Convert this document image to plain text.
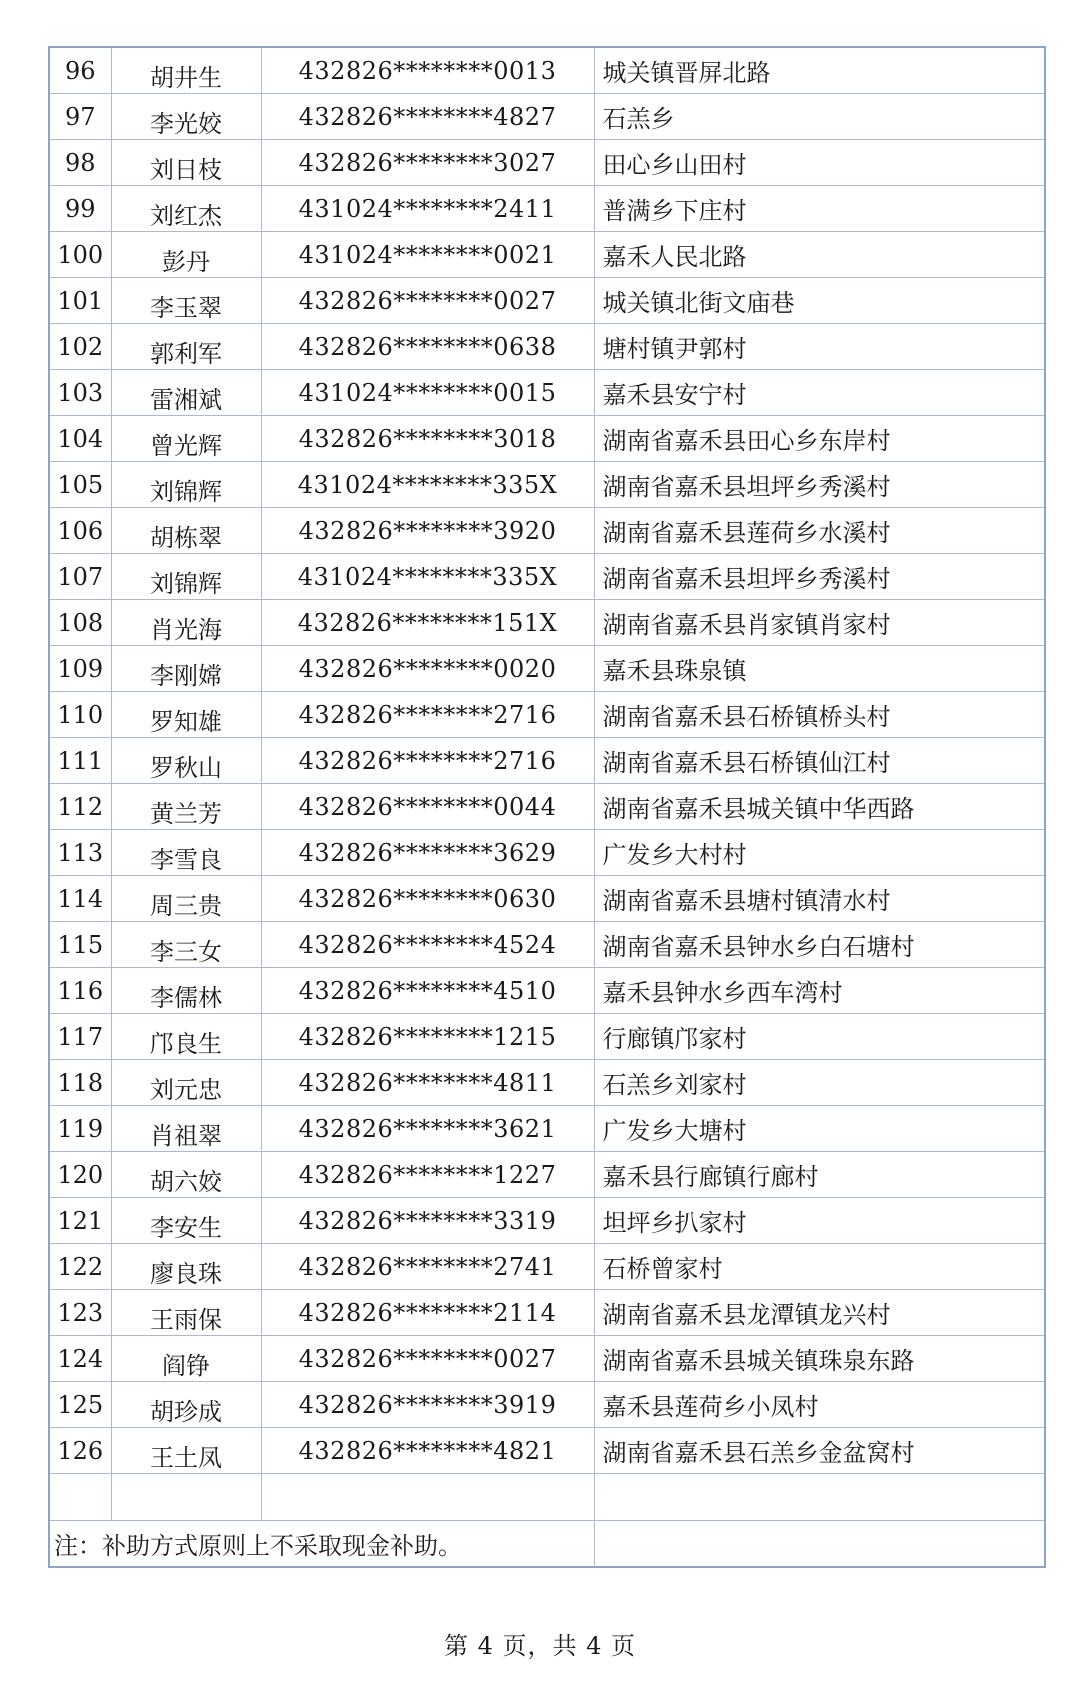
96	胡井生	432826********0013	城关镇晋屏北路
97	李光姣	432826********4827	石羔乡
98	刘日枝	432826********3027	田心乡山田村
99	刘红杰	431024********2411	普满乡下庄村
100	彭丹	431024********0021	嘉禾人民北路
101	李玉翠	432826********0027	城关镇北街文庙巷
102	郭利军	432826********0638	塘村镇尹郭村
103	雷湘斌	431024********0015	嘉禾县安宁村
104	曾光辉	432826********3018	湖南省嘉禾县田心乡东岸村
105	刘锦辉	431024********335X	湖南省嘉禾县坦坪乡秀溪村
106	胡栋翠	432826********3920	湖南省嘉禾县莲荷乡水溪村
107	刘锦辉	431024********335X	湖南省嘉禾县坦坪乡秀溪村
108	肖光海	432826********151X	湖南省嘉禾县肖家镇肖家村
109	李刚嫦	432826********0020	嘉禾县珠泉镇
110	罗知雄	432826********2716	湖南省嘉禾县石桥镇桥头村
111	罗秋山	432826********2716	湖南省嘉禾县石桥镇仙江村
112	黄兰芳	432826********0044	湖南省嘉禾县城关镇中华西路
113	李雪良	432826********3629	广发乡大村村
114	周三贵	432826********0630	湖南省嘉禾县塘村镇清水村
115	李三女	432826********4524	湖南省嘉禾县钟水乡白石塘村
116	李儒林	432826********4510	嘉禾县钟水乡西车湾村
117	邝良生	432826********1215	行廊镇邝家村
118	刘元忠	432826********4811	石羔乡刘家村
119	肖祖翠	432826********3621	广发乡大塘村
120	胡六姣	432826********1227	嘉禾县行廊镇行廊村
121	李安生	432826********3319	坦坪乡扒家村
122	廖良珠	432826********2741	石桥曾家村
123	王雨保	432826********2114	湖南省嘉禾县龙潭镇龙兴村
124	阎铮	432826********0027	湖南省嘉禾县城关镇珠泉东路
125	胡珍成	432826********3919	嘉禾县莲荷乡小凤村
126	王土凤	432826********4821	湖南省嘉禾县石羔乡金盆窝村

注：补助方式原则上不采取现金补助。			
第 4 页，共 4 页
